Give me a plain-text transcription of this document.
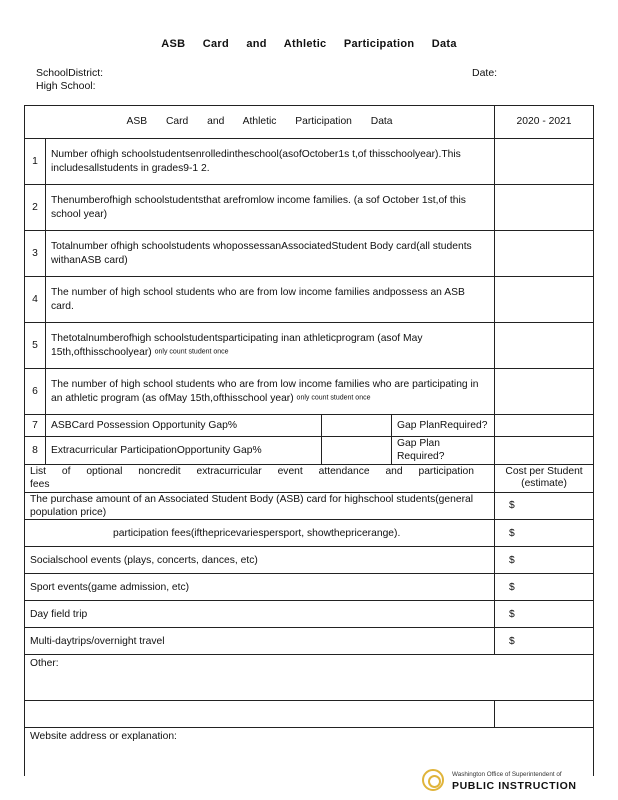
ASB Card and Athletic Participation Data
SchoolDistrict:
High School:
Date:
ASB Card and Athletic Participation Data				2020 - 2021
1	Number ofhigh schoolstudentsenrolledintheschool(asofOctober1s t,of thisschoolyear).This includesallstudents in grades9-1 2.			
2	Thenumberofhigh schoolstudentsthat arefromlow income families. (a sof October 1st,of this school year)			
3	Totalnumber ofhigh schoolstudents whopossessanAssociatedStudent Body card(all students withanASB card)			
4	The number of high school students who are from low income families andpossess an ASB card.			
5	Thetotalnumberofhigh schoolstudentsparticipating inan athleticprogram (asof May 15th,ofthisschoolyear) only count student once			
6	The number of high school students who are from low income families who are participating in an athletic program (as ofMay 15th,ofthisschool year) only count student once			
7	ASBCard Possession Opportunity Gap%		Gap PlanRequired?	
8	Extracurricular ParticipationOpportunity Gap%		Gap Plan Required?	
List of optional noncredit extracurricular event attendance and participation fees				Cost per Student (estimate)
The purchase amount of an Associated Student Body (ASB) card for highschool students(general population price)				$
participation fees(ifthepricevariespersport, showthepricerange).				$
Socialschool events (plays, concerts, dances, etc)				$
Sport events(game admission, etc)				$
Day field trip				$
Multi-daytrips/overnight travel				$
Other:				

Website address or explanation:				
Washington Office of Superintendent of
PUBLIC INSTRUCTION
